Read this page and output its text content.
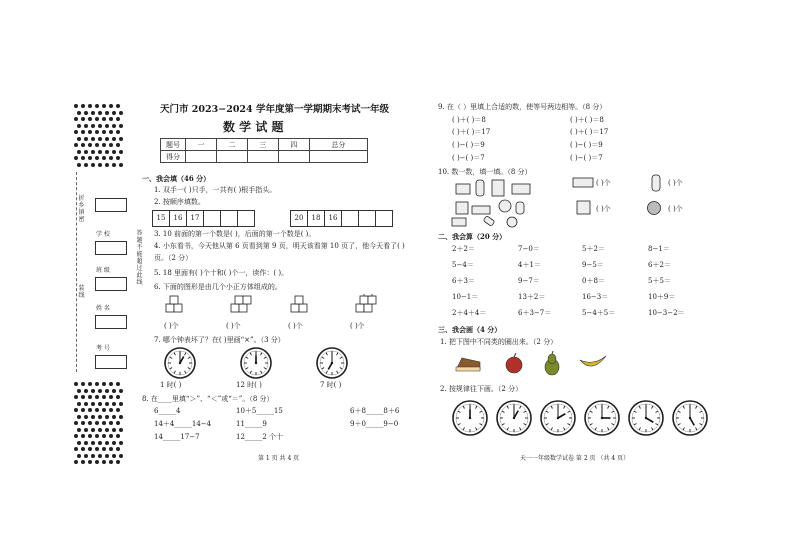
折 乡 镇 密
学 校
班 级
姓 名
考 号
装 线
答题不能超过此线
天门市 2023−2024 学年度第一学期期末考试一年级
数 学 试 题
题号	一	二	三	四	总分
得分					
一、我会填（46 分）
1. 双手一( )只手，一共有( )根手指头。
2. 按顺序填数。
15	16	17	20	18	16
3. 10 前面的第一个数是( )，后面的第一个数是( )。
4. 小东看书，今天他从第 6 页看到第 9 页，明天该看第 10 页了，他今天看了( )
页。（2 分）
5. 18 里面有( )个十和( )个一，读作：( )。
6. 下面的图形是由几个小正方体组成的。
( )个	( )个	( )个	( )个
7. 哪个钟表坏了？在( )里画“×”。（3 分）
1 时( )	12 时( )	7 时( )
8. 在____里填“＞”、“＜”或“＝”。（8 分）
6_____4	10＋5_____15	6＋8_____8＋6
14＋4_____14−4	11_____9	9＋0_____9−0
14_____17−7	12_____2 个十
第 1 页 共 4 页
9. 在（ ）里填上合适的数，使等号两边相等。（8 分）
( )＋( )＝8	( )＋( )＝8
( )＋( )＝17	( )＋( )＝17
( )−( )＝9	( )−( )＝9
( )−( )＝7	( )−( )＝7
10. 数一数，填一填。（8 分）
( )个	( )个
( )个	( )个
二、我会算（20 分）
2＋2＝	7−0＝	5＋2＝	8−1＝
5−4＝	4＋1＝	9−5＝	6＋2＝
6＋3＝	9−7＝	0＋8＝	5＋5＝
10−1＝	13＋2＝	16−3＝	10＋9＝
2＋4＋4＝	6＋3−7＝	5−4＋5＝	10−3−2＝
三、我会画（4 分）
1. 把下图中不同类的圈出来。（2 分）
2. 按规律往下画。（2 分）
天一一年级数学试卷 第 2 页 （共 4 页）
